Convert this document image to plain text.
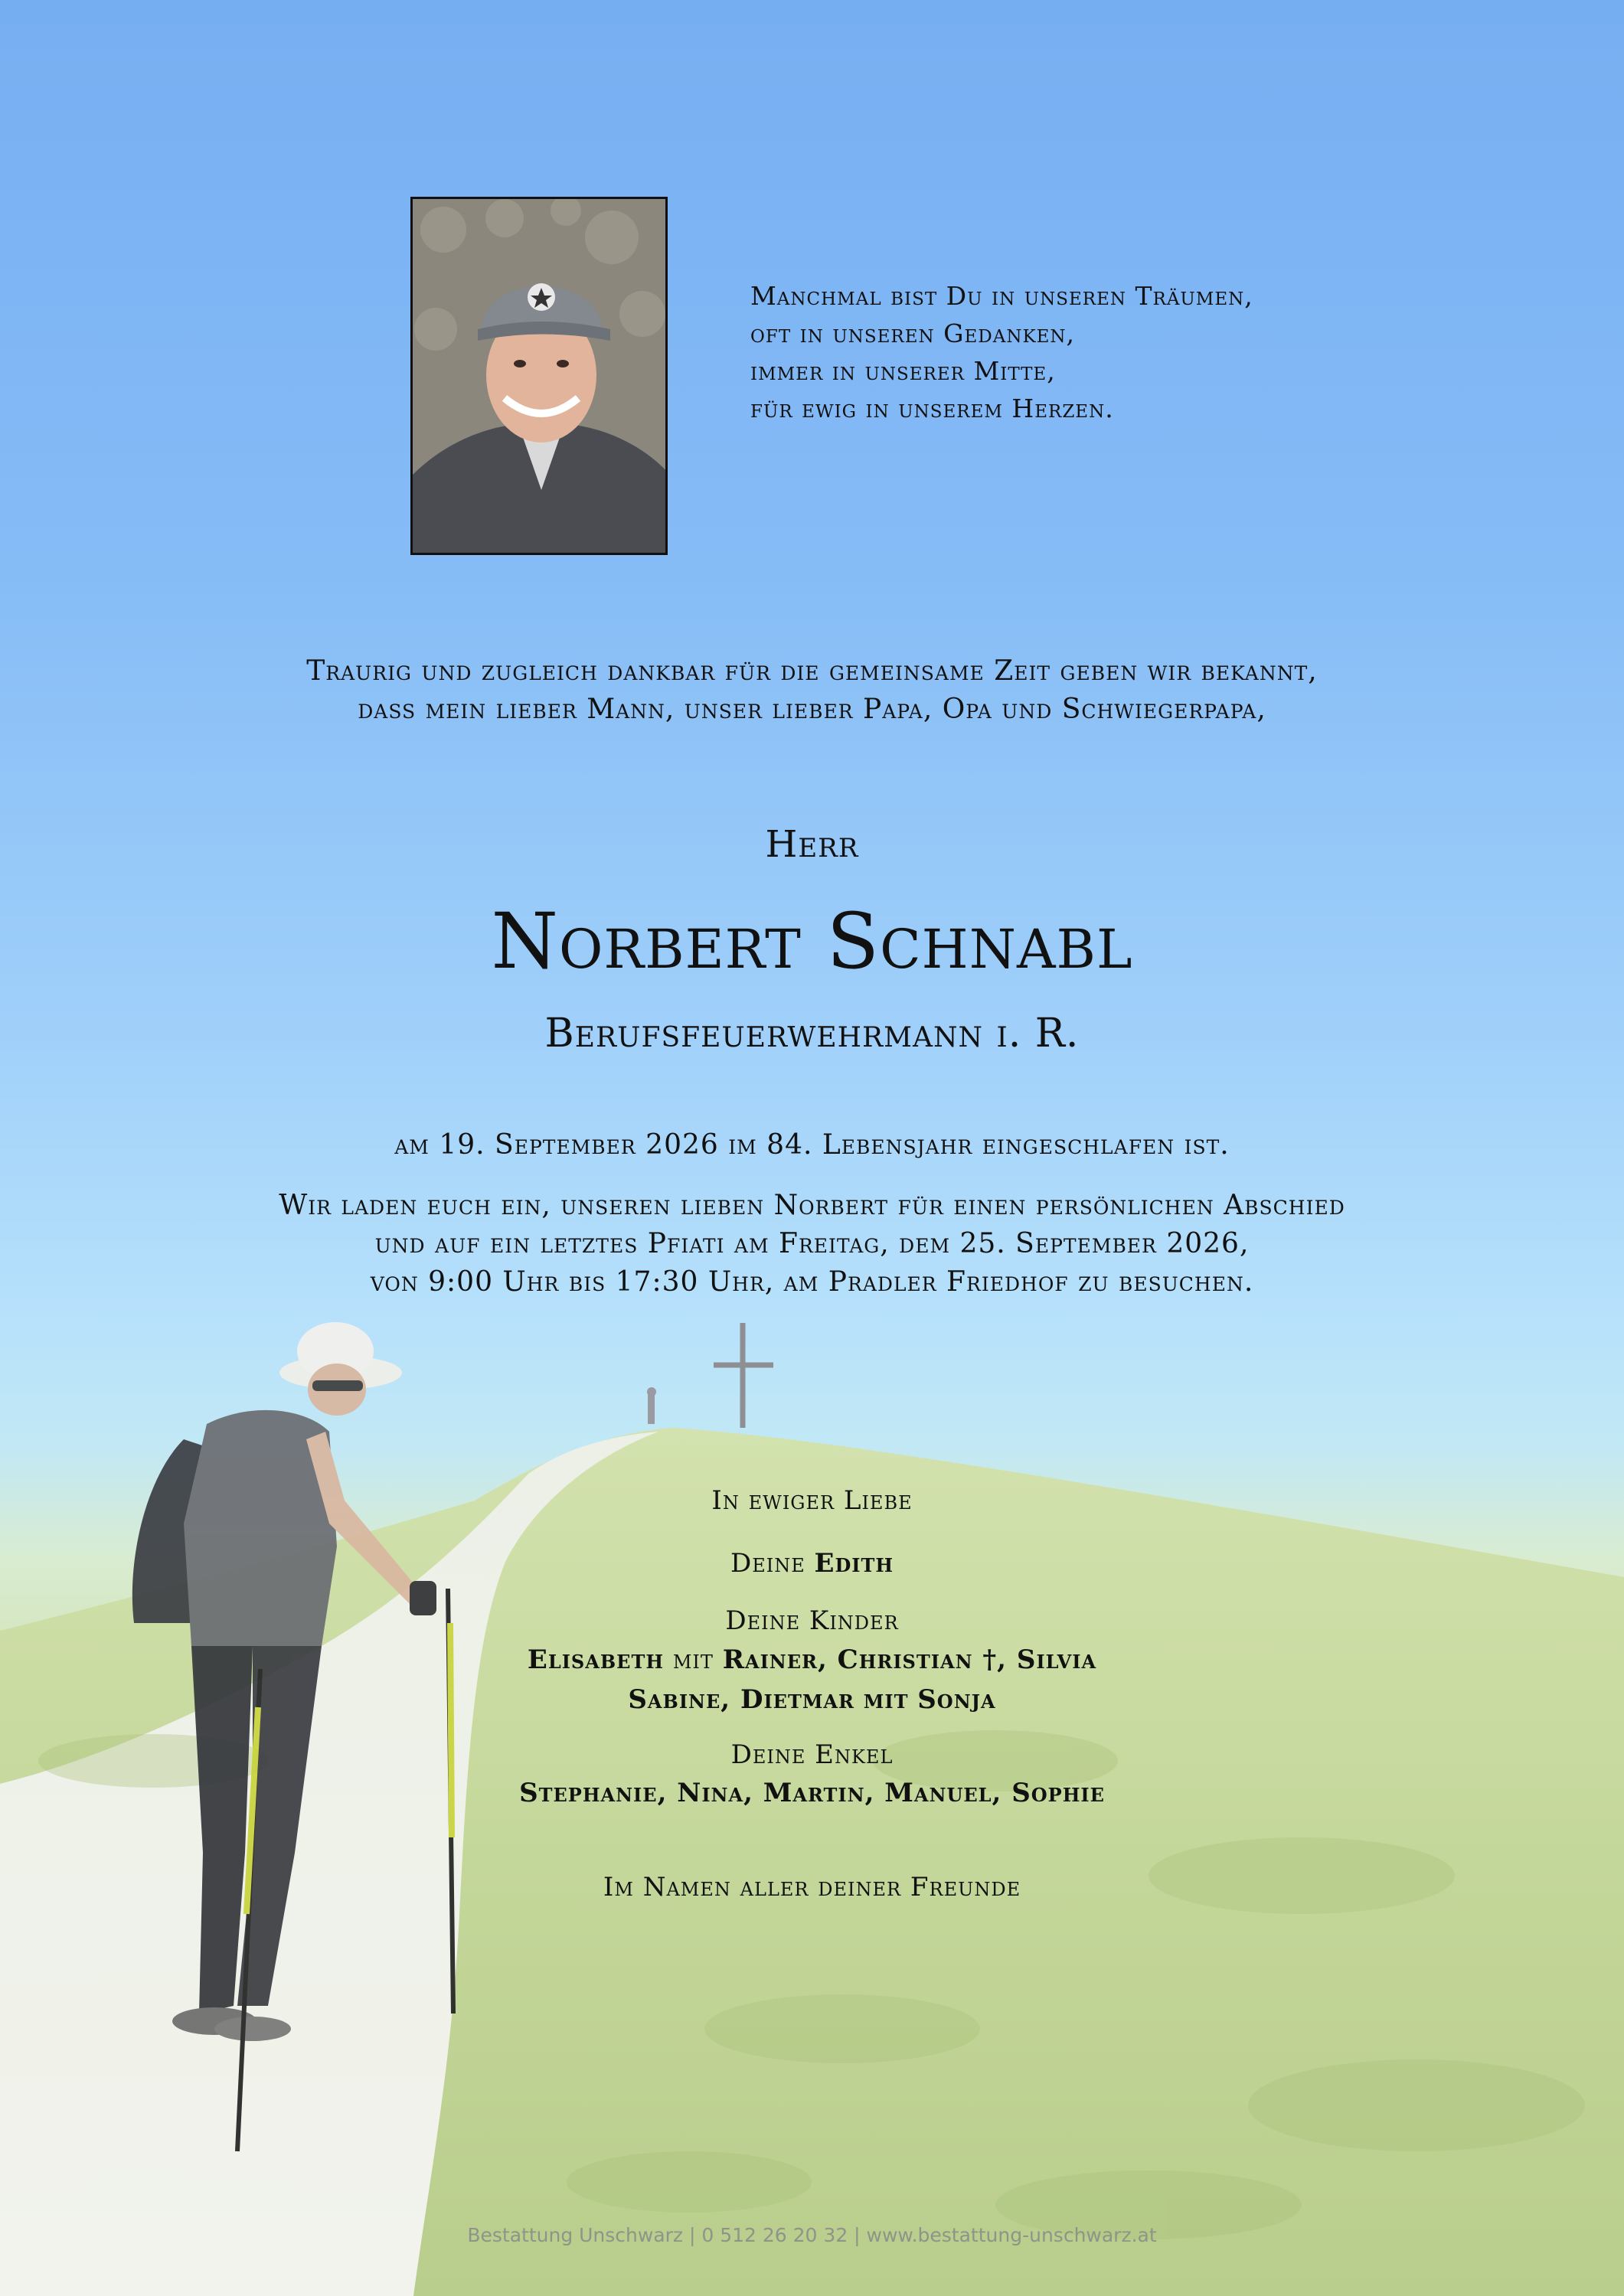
Manchmal bist Du in unseren Träumen,
oft in unseren Gedanken,
immer in unserer Mitte,
für ewig in unserem Herzen.
Traurig und zugleich dankbar für die gemeinsame Zeit geben wir bekannt,
dass mein lieber Mann, unser lieber Papa, Opa und Schwiegerpapa,
Herr
Norbert Schnabl
Berufsfeuerwehrmann i. R.
am 19. September 2026 im 84. Lebensjahr eingeschlafen ist.
Wir laden euch ein, unseren lieben Norbert für einen persönlichen Abschied
und auf ein letztes Pfiati am Freitag, dem 25. September 2026,
von 9:00 Uhr bis 17:30 Uhr, am Pradler Friedhof zu besuchen.
In ewiger Liebe
Deine Edith
Deine Kinder
Elisabeth mit Rainer, Christian †, Silvia
Sabine, Dietmar mit Sonja
Deine Enkel
Stephanie, Nina, Martin, Manuel, Sophie
Im Namen aller deiner Freunde
Bestattung Unschwarz | 0 512 26 20 32 | www.bestattung-unschwarz.at
